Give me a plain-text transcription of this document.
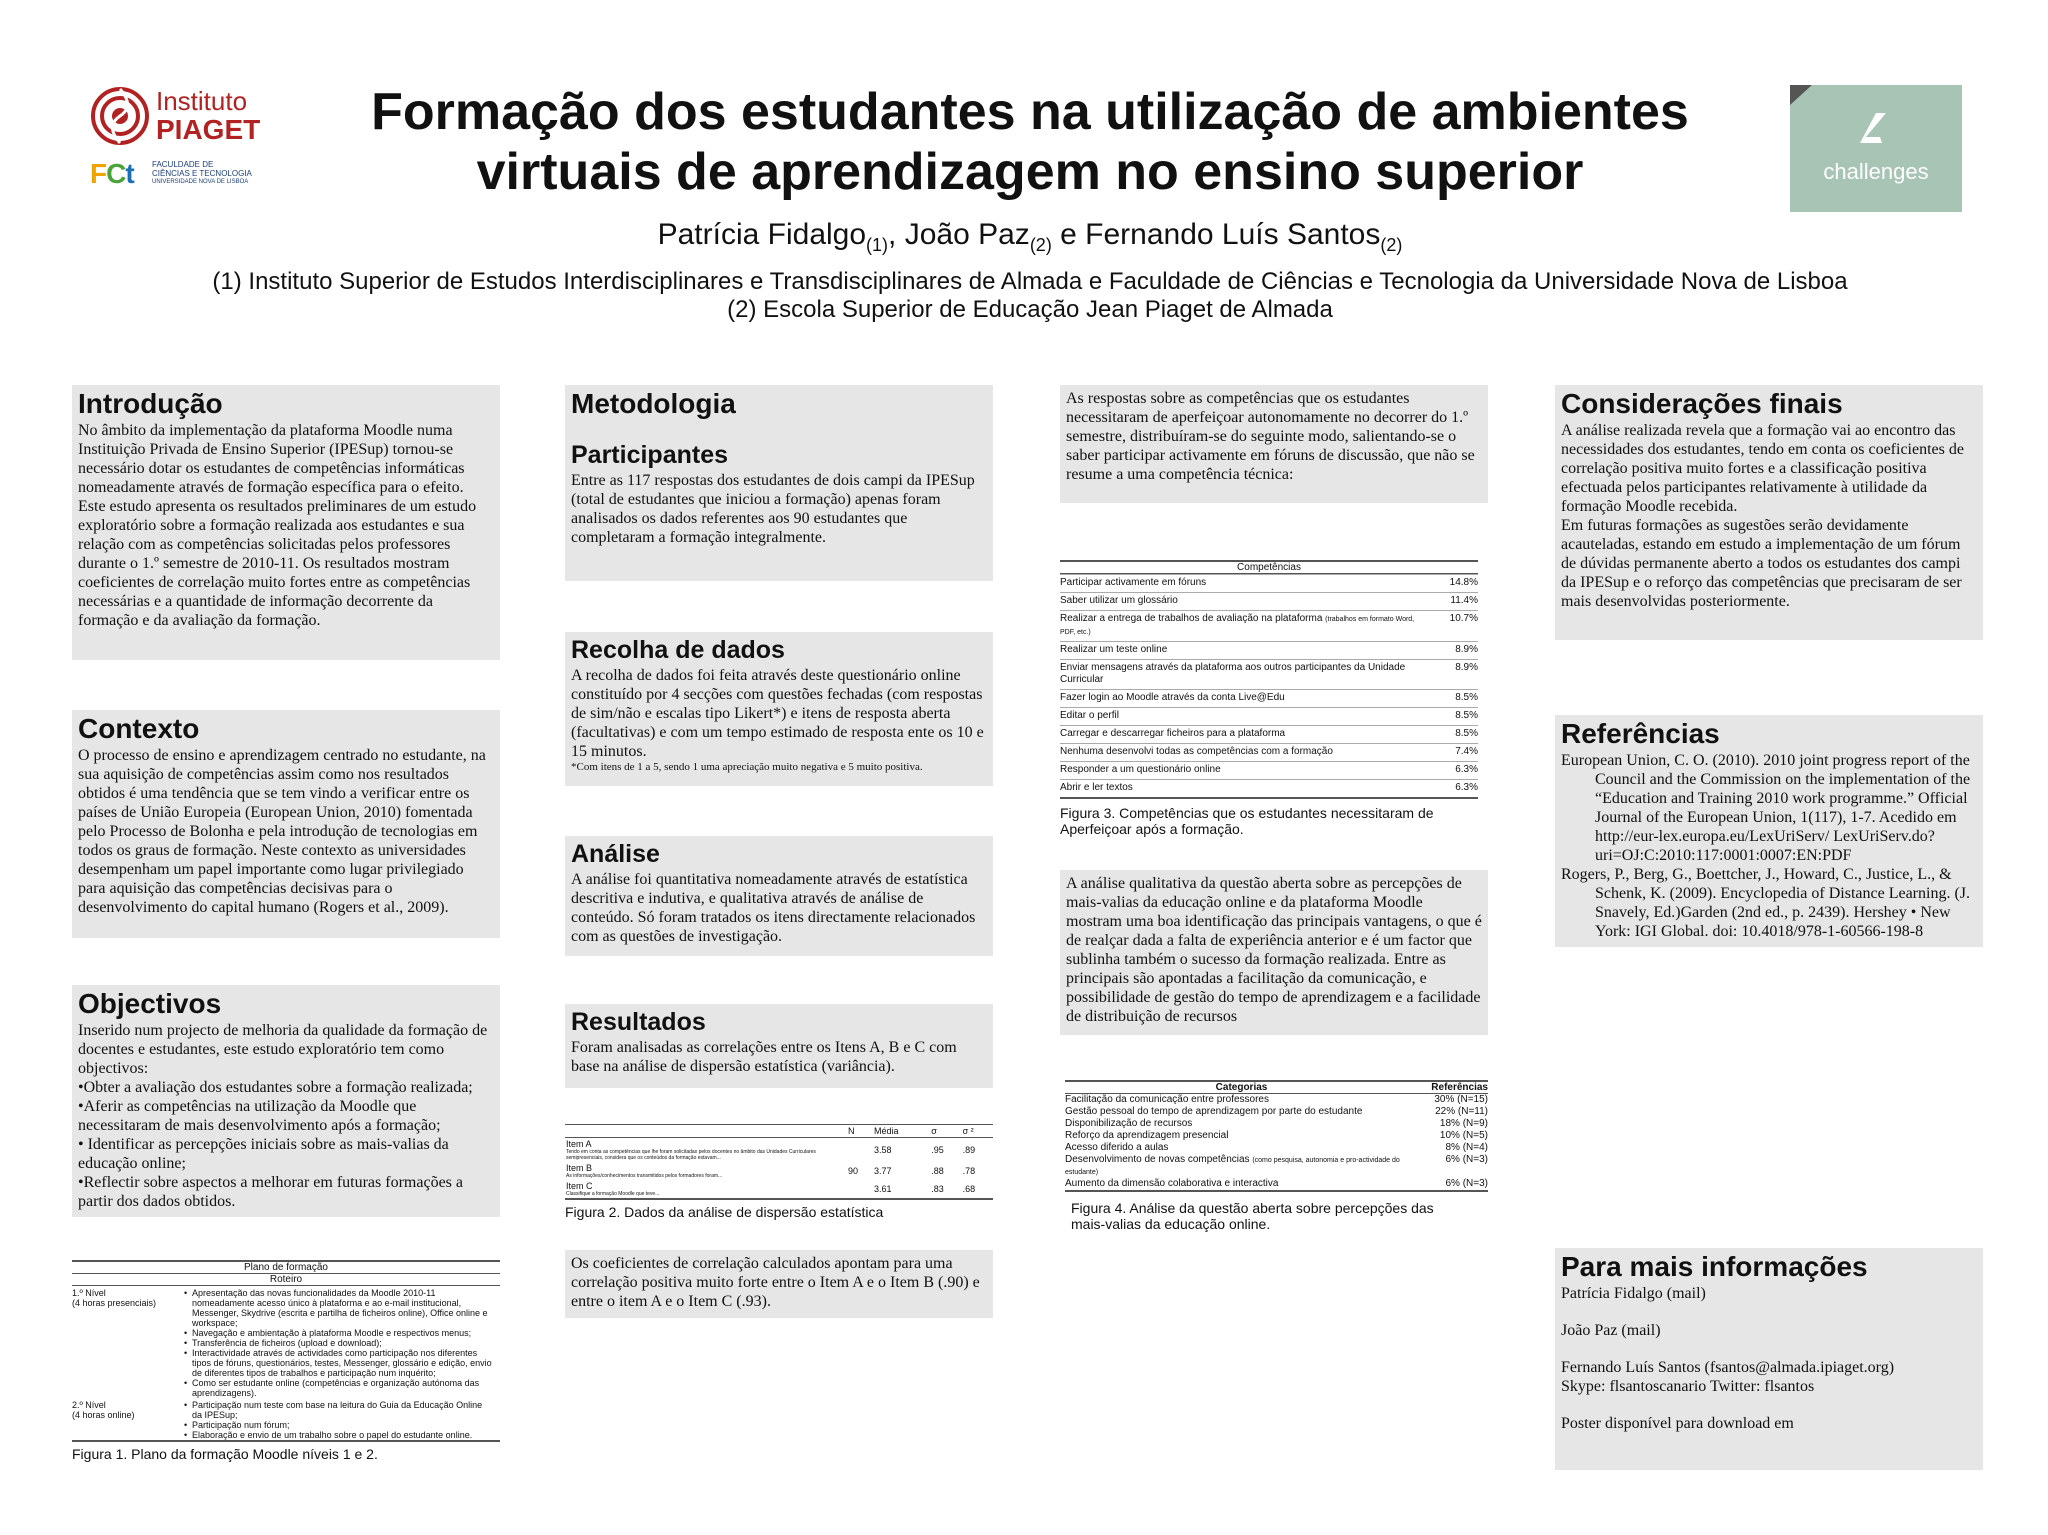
Instituto
PIAGET
FCt FACULDADE DE
CIÊNCIAS E TECNOLOGIA
UNIVERSIDADE NOVA DE LISBOA
Formação dos estudantes na utilização de ambientes
virtuais de aprendizagem no ensino superior
Patrícia Fidalgo$_{(1)}$, João Paz$_{(2)}$ e Fernando Luís Santos$_{(2)}$
(1) Instituto Superior de Estudos Interdisciplinares e Transdisciplinares de Almada e Faculdade de Ciências e Tecnologia da Universidade Nova de Lisboa
(2) Escola Superior de Educação Jean Piaget de Almada
challenges
Introdução

No âmbito da implementação da plataforma Moodle numa Instituição Privada de Ensino Superior (IPESup) tornou-se necessário dotar os estudantes de competências informáticas nomeadamente através de formação específica para o efeito. Este estudo apresenta os resultados preliminares de um estudo exploratório sobre a formação realizada aos estudantes e sua relação com as competências solicitadas pelos professores durante o 1.º semestre de 2010-11. Os resultados mostram coeficientes de correlação muito fortes entre as competências necessárias e a quantidade de informação decorrente da formação e da avaliação da formação.

Contexto

O processo de ensino e aprendizagem centrado no estudante, na sua aquisição de competências assim como nos resultados obtidos é uma tendência que se tem vindo a verificar entre os países de União Europeia (European Union, 2010) fomentada pelo Processo de Bolonha e pela introdução de tecnologias em todos os graus de formação. Neste contexto as universidades desempenham um papel importante como lugar privilegiado para aquisição das competências decisivas para o desenvolvimento do capital humano (Rogers et al., 2009).

Objectivos

Inserido num projecto de melhoria da qualidade da formação de docentes e estudantes, este estudo exploratório tem como objectivos:

•Obter a avaliação dos estudantes sobre a formação realizada;

•Aferir as competências na utilização da Moodle que necessitaram de mais desenvolvimento após a formação;

• Identificar as percepções iniciais sobre as mais-valias da educação online;

•Reflectir sobre aspectos a melhorar em futuras formações a partir dos dados obtidos.

Plano de formação
Roteiro
1.º Nível
(4 horas presenciais)
• Apresentação das novas funcionalidades da Moodle 2010-11 nomeadamente acesso único à plataforma e ao e-mail institucional, Messenger, Skydrive (escrita e partilha de ficheiros online), Office online e workspace;
• Navegação e ambientação à plataforma Moodle e respectivos menus;
• Transferência de ficheiros (upload e download);
• Interactividade através de actividades como participação nos diferentes tipos de fóruns, questionários, testes, Messenger, glossário e edição, envio de diferentes tipos de trabalhos e participação num inquérito;
• Como ser estudante online (competências e organização autónoma das aprendizagens).
2.º Nível
(4 horas online)
• Participação num teste com base na leitura do Guia da Educação Online da IPESup;
• Participação num fórum;
• Elaboração e envio de um trabalho sobre o papel do estudante online.
Figura 1. Plano da formação Moodle níveis 1 e 2.
Metodologia
Participantes

Entre as 117 respostas dos estudantes de dois campi da IPESup (total de estudantes que iniciou a formação) apenas foram analisados os dados referentes aos 90 estudantes que completaram a formação integralmente.

Recolha de dados

A recolha de dados foi feita através deste questionário online constituído por 4 secções com questões fechadas (com respostas de sim/não e escalas tipo Likert*) e itens de resposta aberta (facultativas) e com um tempo estimado de resposta ente os 10 e 15 minutos.

*Com itens de 1 a 5, sendo 1 uma apreciação muito negativa e 5 muito positiva.

Análise

A análise foi quantitativa nomeadamente através de estatística descritiva e indutiva, e qualitativa através de análise de conteúdo. Só foram tratados os itens directamente relacionados com as questões de investigação.

Resultados

Foram analisadas as correlações entre os Itens A, B e C com base na análise de dispersão estatística (variância).

	N	Média	σ	σ ²

Item A
Tendo em conta as competências que lhe foram solicitadas pelos docentes no âmbito das Unidades Curriculares semipresenciais, considera que os conteúdos da formação estavam...		3.58	.95	.89

Item B
As informações/conhecimentos transmitidos pelos formadores foram...	90	3.77	.88	.78

Item C
Classifique a formação Moodle que teve...		3.61	.83	.68
Figura 2. Dados da análise de dispersão estatística

Os coeficientes de correlação calculados apontam para uma correlação positiva muito forte entre o Item A e o Item B (.90) e entre o item A e o Item C (.93).

As respostas sobre as competências que os estudantes necessitaram de aperfeiçoar autonomamente no decorrer do 1.º semestre, distribuíram-se do seguinte modo, salientando-se o saber participar activamente em fóruns de discussão, que não se resume a uma competência técnica:

Competências
Participar activamente em fóruns	14.8%
Saber utilizar um glossário	11.4%
Realizar a entrega de trabalhos de avaliação na plataforma (trabalhos em formato Word, PDF, etc.)
10.7%
Realizar um teste online	8.9%
Enviar mensagens através da plataforma aos outros participantes da Unidade Curricular
8.9%
Fazer login ao Moodle através da conta Live@Edu	8.5%
Editar o perfil	8.5%
Carregar e descarregar ficheiros para a plataforma	8.5%
Nenhuma desenvolvi todas as competências com a formação	7.4%
Responder a um questionário online	6.3%
Abrir e ler textos	6.3%
Figura 3. Competências que os estudantes necessitaram de Aperfeiçoar após a formação.

A análise qualitativa da questão aberta sobre as percepções de mais-valias da educação online e da plataforma Moodle mostram uma boa identificação das principais vantagens, o que é de realçar dada a falta de experiência anterior e é um factor que sublinha também o sucesso da formação realizada. Entre as principais são apontadas a facilitação da comunicação, e possibilidade de gestão do tempo de aprendizagem e a facilidade de distribuição de recursos

Categorias	Referências
Facilitação da comunicação entre professores	30% (N=15)
Gestão pessoal do tempo de aprendizagem por parte do estudante	22% (N=11)
Disponibilização de recursos	18% (N=9)
Reforço da aprendizagem presencial	10% (N=5)
Acesso diferido a aulas	8% (N=4)
Desenvolvimento de novas competências (como pesquisa, autonomia e pro-actividade do estudante)
6% (N=3)
Aumento da dimensão colaborativa e interactiva	6% (N=3)
Figura 4. Análise da questão aberta sobre percepções das
mais-valias da educação online.
Considerações finais

A análise realizada revela que a formação vai ao encontro das necessidades dos estudantes, tendo em conta os coeficientes de correlação positiva muito fortes e a classificação positiva efectuada pelos participantes relativamente à utilidade da formação Moodle recebida.

Em futuras formações as sugestões serão devidamente acauteladas, estando em estudo a implementação de um fórum de dúvidas permanente aberto a todos os estudantes dos campi da IPESup e o reforço das competências que precisaram de ser mais desenvolvidas posteriormente.

Referências

European Union, C. O. (2010). 2010 joint progress report of the Council and the Commission on the implementation of the “Education and Training 2010 work programme.” Official Journal of the European Union, 1(117), 1-7. Acedido em http://eur-lex.europa.eu/LexUriServ/ LexUriServ.do?uri=OJ:C:2010:117:0001:0007:EN:PDF

Rogers, P., Berg, G., Boettcher, J., Howard, C., Justice, L., & Schenk, K. (2009). Encyclopedia of Distance Learning. (J. Snavely, Ed.)Garden (2nd ed., p. 2439). Hershey • New York: IGI Global. doi: 10.4018/978-1-60566-198-8

Para mais informações

Patrícia Fidalgo (mail)

João Paz (mail)

Fernando Luís Santos (fsantos@almada.ipiaget.org)

Skype: flsantoscanario Twitter: flsantos

Poster disponível para download em
